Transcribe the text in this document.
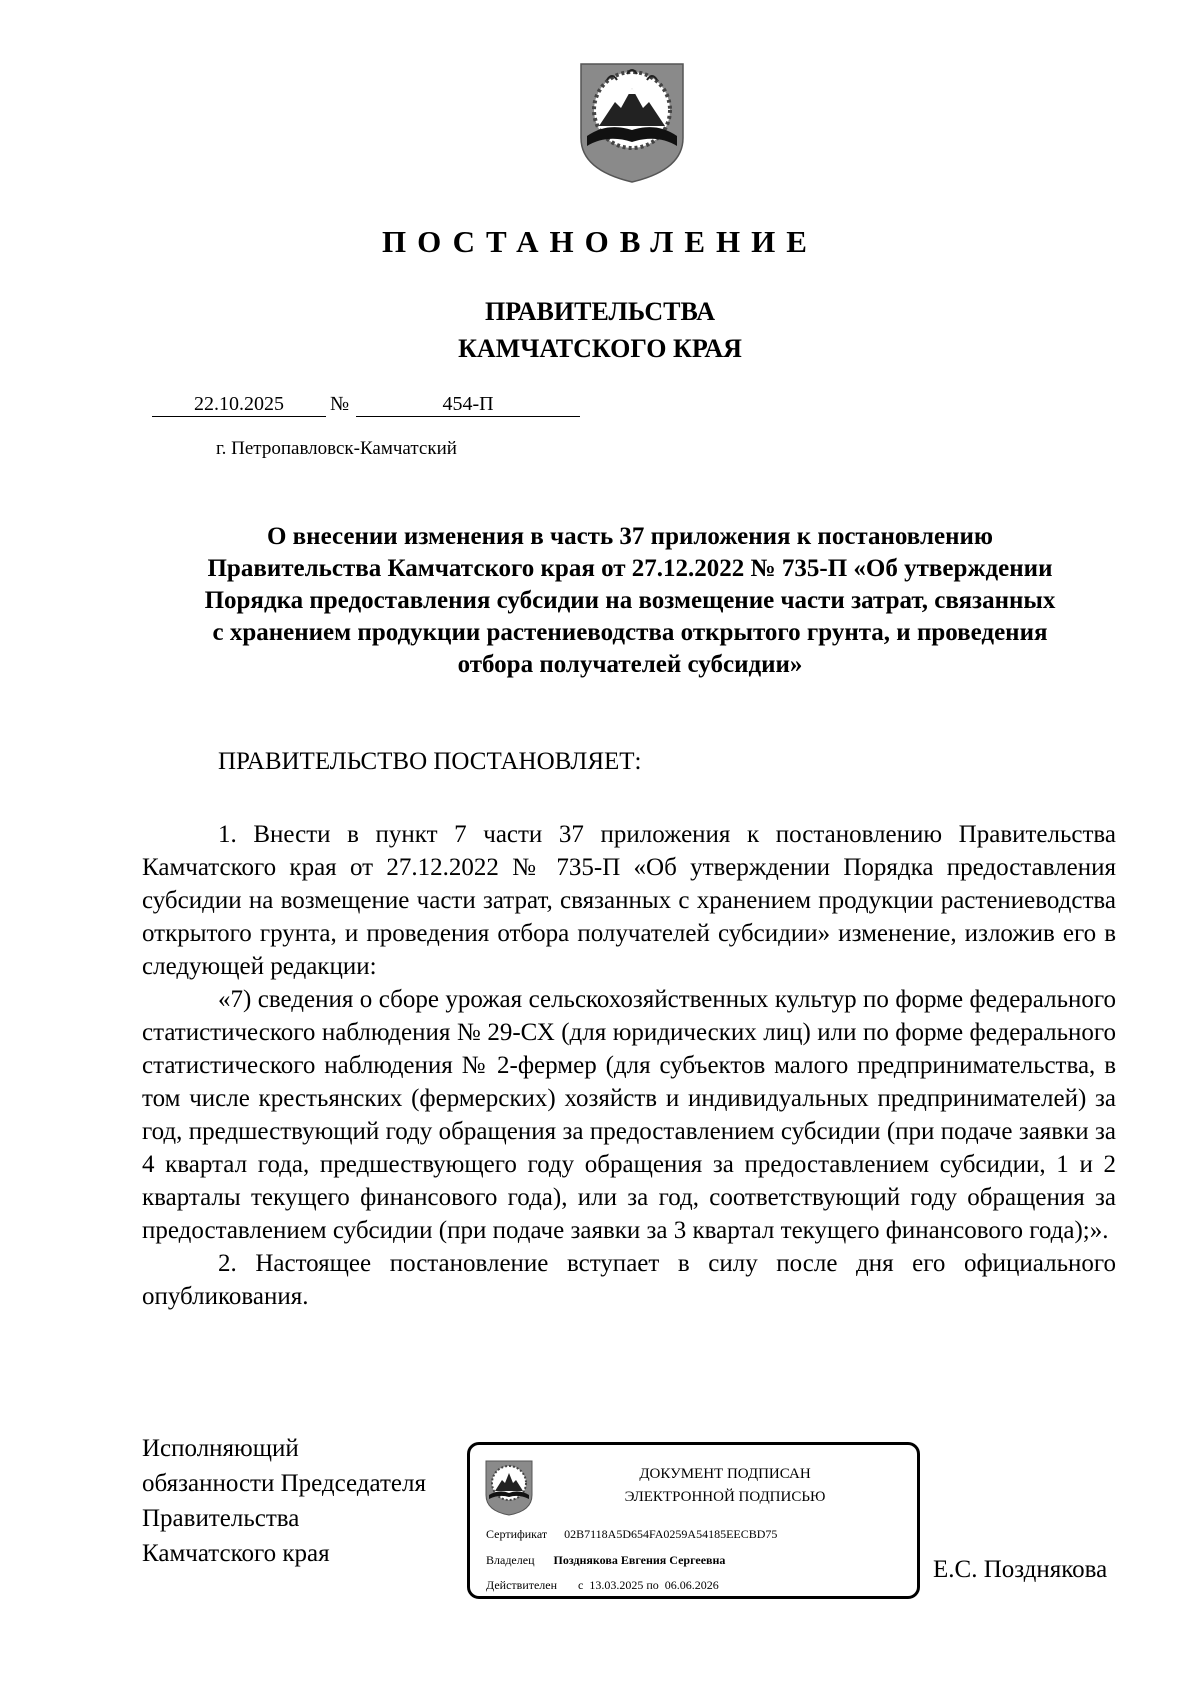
ПОСТАНОВЛЕНИЕ
ПРАВИТЕЛЬСТВА
КАМЧАТСКОГО КРАЯ
22.10.2025	№	454-П
г. Петропавловск-Камчатский
О внесении изменения в часть 37 приложения к постановлению
Правительства Камчатского края от 27.12.2022 № 735-П «Об утверждении
Порядка предоставления субсидии на возмещение части затрат, связанных
с хранением продукции растениеводства открытого грунта, и проведения
отбора получателей субсидии»
ПРАВИТЕЛЬСТВО ПОСТАНОВЛЯЕТ:

1. Внести в пункт 7 части 37 приложения к постановлению Правительства Камчатского края от 27.12.2022 № 735-П «Об утверждении Порядка предоставления субсидии на возмещение части затрат, связанных с хранением продукции растениеводства открытого грунта, и проведения отбора получателей субсидии» изменение, изложив его в следующей редакции:

«7) сведения о сборе урожая сельскохозяйственных культур по форме федерального статистического наблюдения № 29-СХ (для юридических лиц) или по форме федерального статистического наблюдения № 2-фермер (для субъектов малого предпринимательства, в том числе крестьянских (фермерских) хозяйств и индивидуальных предпринимателей) за год, предшествующий году обращения за предоставлением субсидии (при подаче заявки за 4 квартал года, предшествующего году обращения за предоставлением субсидии, 1 и 2 кварталы текущего финансового года), или за год, соответствующий году обращения за предоставлением субсидии (при подаче заявки за 3 квартал текущего финансового года);».

2. Настоящее постановление вступает в силу после дня его официального опубликования.

Исполняющий
обязанности Председателя
Правительства
Камчатского края
ДОКУМЕНТ ПОДПИСАН
ЭЛЕКТРОННОЙ ПОДПИСЬЮ
Сертификат 02B7118A5D654FA0259A54185EECBD75
Владелец Позднякова Евгения Сергеевна
Действителен с  13.03.2025 по  06.06.2026
Е.С. Позднякова
